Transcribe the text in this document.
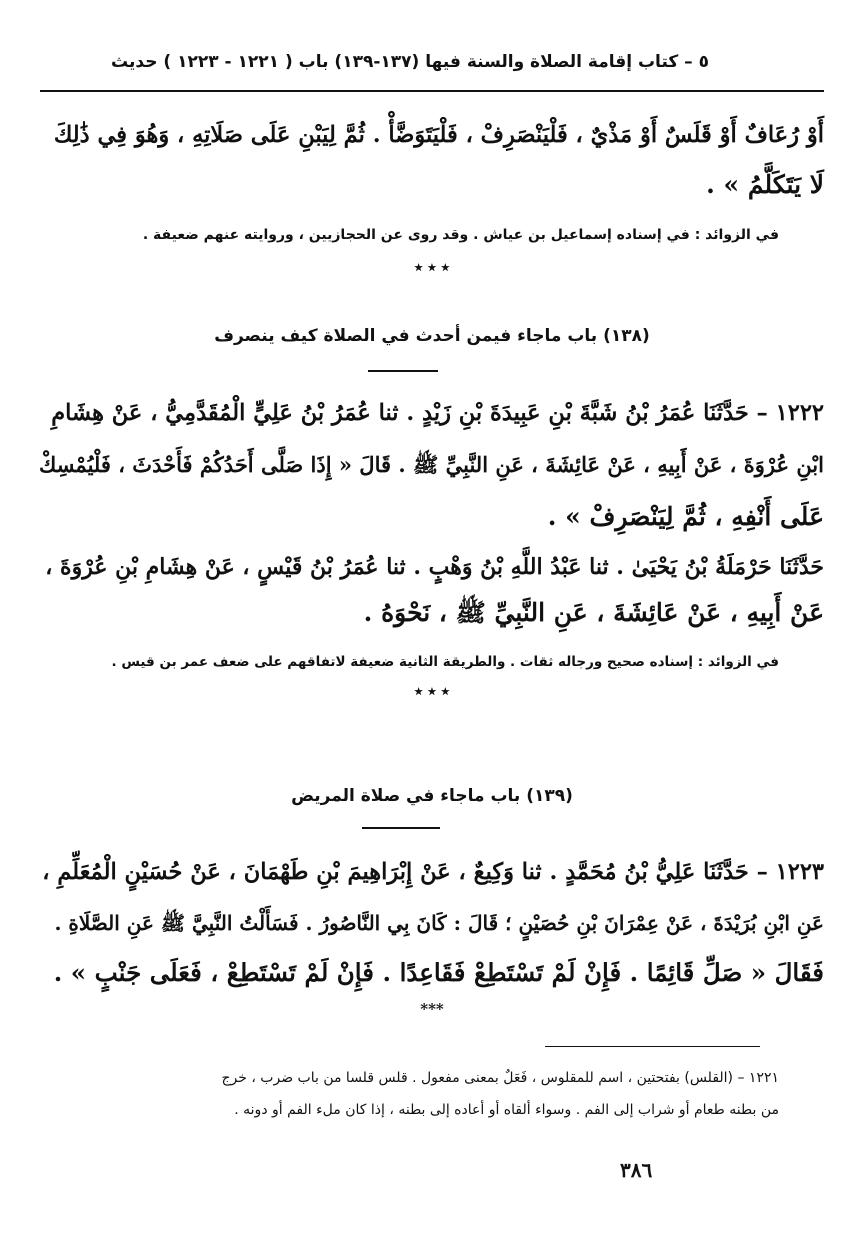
٥ – كتاب إقامة الصلاة والسنة فيها (١٣٧-١٣٩) باب ( ١٢٢١ - ١٢٢٣ ) حديث
أَوْ رُعَافٌ أَوْ قَلَسٌ أَوْ مَذْيٌ ، فَلْيَنْصَرِفْ ، فَلْيَتَوَضَّأْ . ثُمَّ لِيَبْنِ عَلَى صَلَاتِهِ ، وَهُوَ فِي ذَٰلِكَ
لَا يَتَكَلَّمُ » .
في الزوائد : في إسناده إسماعيل بن عياش . وقد روى عن الحجازيين ، وروايته عنهم ضعيفة .
٭ ٭ ٭
(١٣٨) باب ماجاء فيمن أحدث في الصلاة كيف ينصرف
١٢٢٢ – حَدَّثَنَا عُمَرُ بْنُ شَبَّةَ بْنِ عَبِيدَةَ بْنِ زَيْدٍ . ثنا عُمَرُ بْنُ عَلِيٍّ الْمُقَدَّمِيُّ ، عَنْ هِشَامِ
ابْنِ عُرْوَةَ ، عَنْ أَبِيهِ ، عَنْ عَائِشَةَ ، عَنِ النَّبِيِّ ﷺ . قَالَ « إِذَا صَلَّى أَحَدُكُمْ فَأَحْدَثَ ، فَلْيُمْسِكْ
عَلَى أَنْفِهِ ، ثُمَّ لِيَنْصَرِفْ » .
حَدَّثَنَا حَرْمَلَةُ بْنُ يَحْيَىٰ . ثنا عَبْدُ اللَّهِ بْنُ وَهْبٍ . ثنا عُمَرُ بْنُ قَيْسٍ ، عَنْ هِشَامِ بْنِ عُرْوَةَ ،
عَنْ أَبِيهِ ، عَنْ عَائِشَةَ ، عَنِ النَّبِيِّ ﷺ ، نَحْوَهُ .
في الزوائد : إسناده صحيح ورجاله ثقات . والطريقة الثانية ضعيفة لاتفاقهم على ضعف عمر بن قيس .
٭ ٭ ٭
(١٣٩) باب ماجاء في صلاة المريض
١٢٢٣ – حَدَّثَنَا عَلِيُّ بْنُ مُحَمَّدٍ . ثنا وَكِيعٌ ، عَنْ إِبْرَاهِيمَ بْنِ طَهْمَانَ ، عَنْ حُسَيْنٍ الْمُعَلِّمِ ،
عَنِ ابْنِ بُرَيْدَةَ ، عَنْ عِمْرَانَ بْنِ حُصَيْنٍ ؛ قَالَ : كَانَ بِي النَّاصُورُ . فَسَأَلْتُ النَّبِيَّ ﷺ عَنِ الصَّلَاةِ .
فَقَالَ « صَلِّ قَائِمًا . فَإِنْ لَمْ تَسْتَطِعْ فَقَاعِدًا . فَإِنْ لَمْ تَسْتَطِعْ ، فَعَلَى جَنْبٍ » .
***
١٢٢١ – (القلس) بفتحتين ، اسم للمقلوس ، فَعَلٌ بمعنى مفعول . قلس قلسا من باب ضرب ، خرج
من بطنه طعام أو شراب إلى الفم . وسواء ألقاه أو أعاده إلى بطنه ، إذا كان ملء الفم أو دونه .
٣٨٦
